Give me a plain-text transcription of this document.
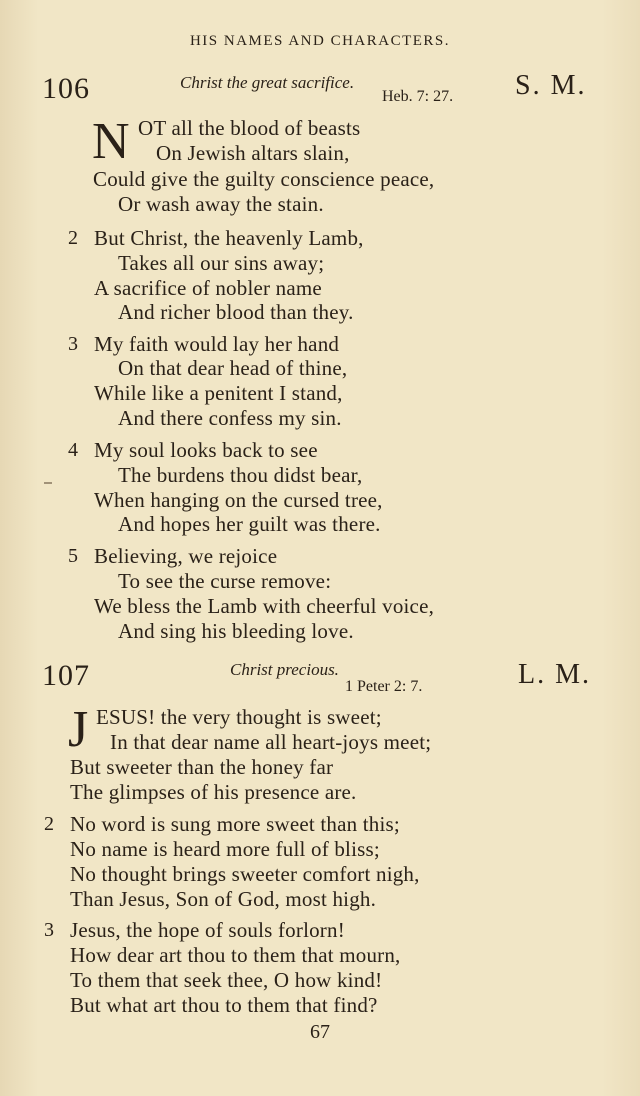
HIS NAMES AND CHARACTERS.
106	Christ the great sacrifice.
Heb. 7: 27. S. M.
N OT all the blood of beasts
On Jewish altars slain,
Could give the guilty conscience peace,
Or wash away the stain.
2 But Christ, the heavenly Lamb,
Takes all our sins away;
A sacrifice of nobler name
And richer blood than they.
3 My faith would lay her hand
On that dear head of thine,
While like a penitent I stand,
And there confess my sin.
4 My soul looks back to see
The burdens thou didst bear,
When hanging on the cursed tree,
And hopes her guilt was there.
5 Believing, we rejoice
To see the curse remove:
We bless the Lamb with cheerful voice,
And sing his bleeding love.
107	Christ precious.
1 Peter 2: 7.	L. M.
J ESUS! the very thought is sweet;
In that dear name all heart-joys meet;
But sweeter than the honey far
The glimpses of his presence are.
2 No word is sung more sweet than this;
No name is heard more full of bliss;
No thought brings sweeter comfort nigh,
Than Jesus, Son of God, most high.
3 Jesus, the hope of souls forlorn!
How dear art thou to them that mourn,
To them that seek thee, O how kind!
But what art thou to them that find?
67
